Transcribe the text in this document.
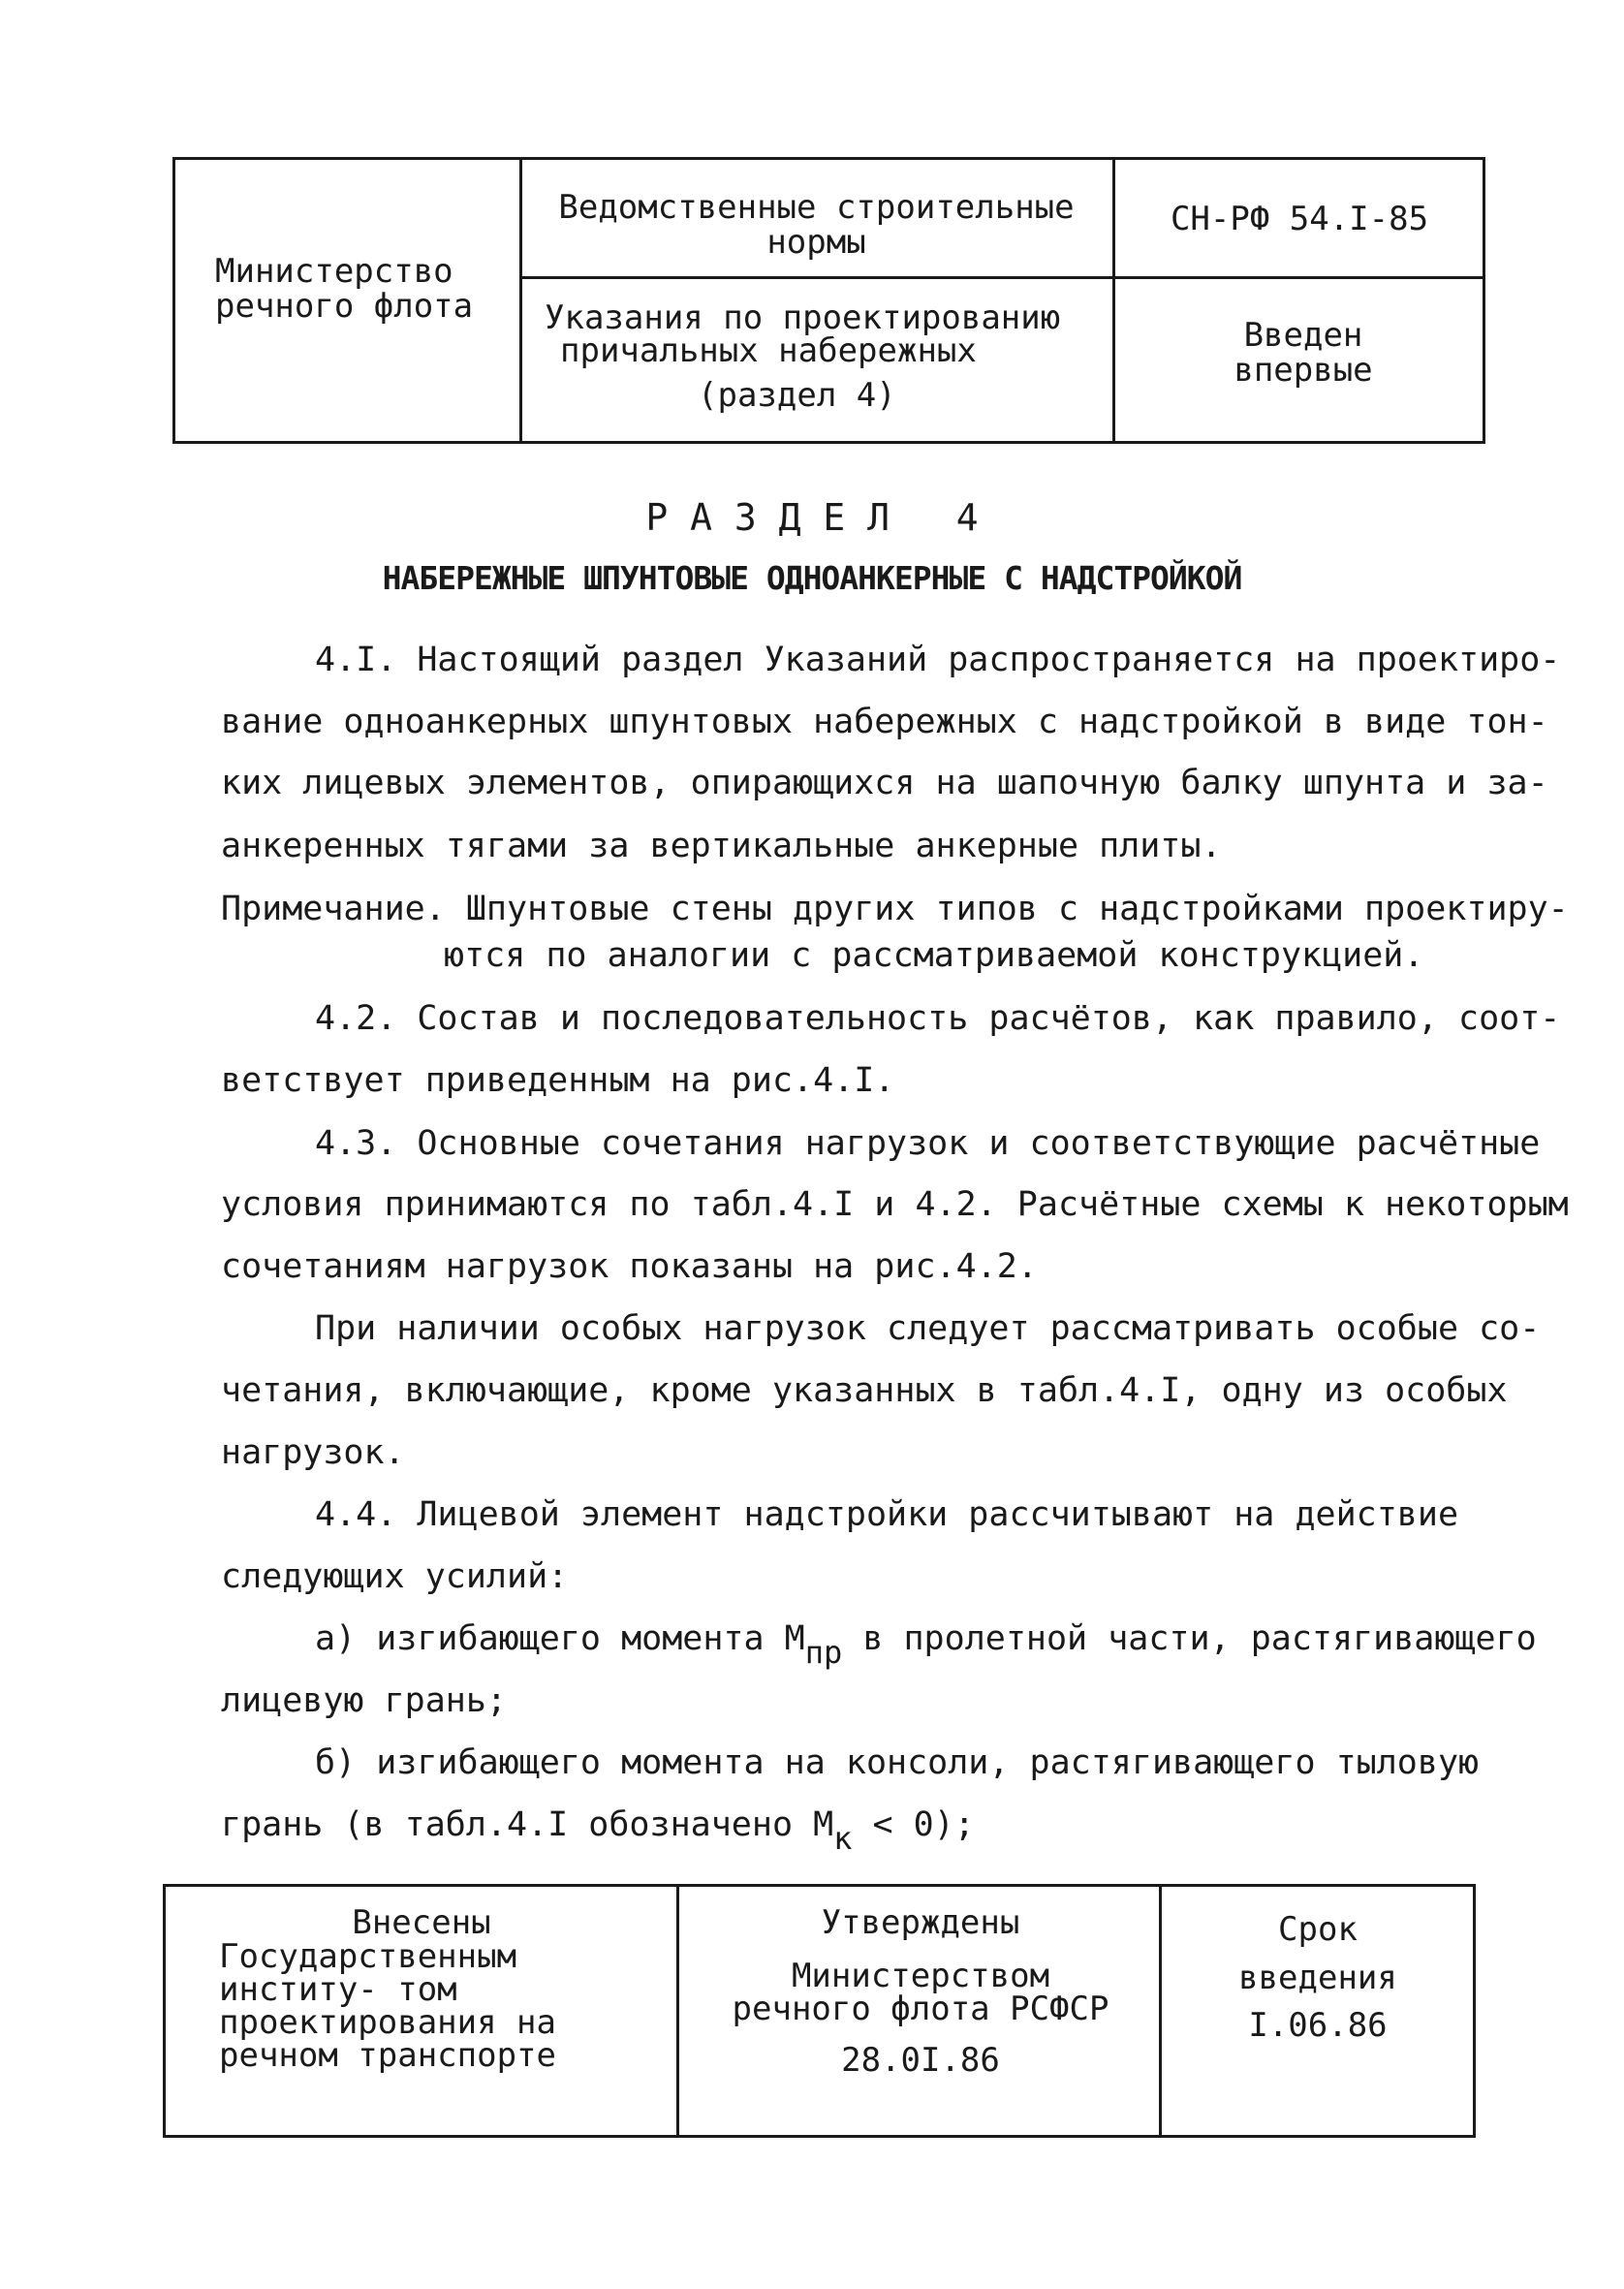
Министерство речного флота
Ведомственные строительные нормы
СН-РФ 54.I-85
Указания по проектированию
причальных набережных
(раздел 4)
Введен впервые
Р А З Д Е Л   4
НАБЕРЕЖНЫЕ ШПУНТОВЫЕ ОДНОАНКЕРНЫЕ С НАДСТРОЙКОЙ
4.I. Настоящий раздел Указаний распространяется на проектиро-
вание одноанкерных шпунтовых набережных с надстройкой в виде тон-
ких лицевых элементов, опирающихся на шапочную балку шпунта и за-
анкеренных тягами за вертикальные анкерные плиты.
Примечание. Шпунтовые стены других типов с надстройками проектиру-
ются по аналогии с рассматриваемой конструкцией.
4.2. Состав и последовательность расчётов, как правило, соот-
ветствует приведенным на рис.4.I.
4.3. Основные сочетания нагрузок и соответствующие расчётные
условия принимаются по табл.4.I и 4.2. Расчётные схемы к некоторым
сочетаниям нагрузок показаны на рис.4.2.
При наличии особых нагрузок следует рассматривать особые со-
четания, включающие, кроме указанных в табл.4.I, одну из особых
нагрузок.
4.4. Лицевой элемент надстройки рассчитывают на действие
следующих усилий:
а) изгибающего момента Mпр в пролетной части, растягивающего
лицевую грань;
б) изгибающего момента на консоли, растягивающего тыловую
грань (в табл.4.I обозначено Mк < 0);
Внесены
Государственным институ- том проектирования на речном транспорте
Утверждены
Министерством речного флота РСФСР
28.0I.86
Срок введения
I.06.86
